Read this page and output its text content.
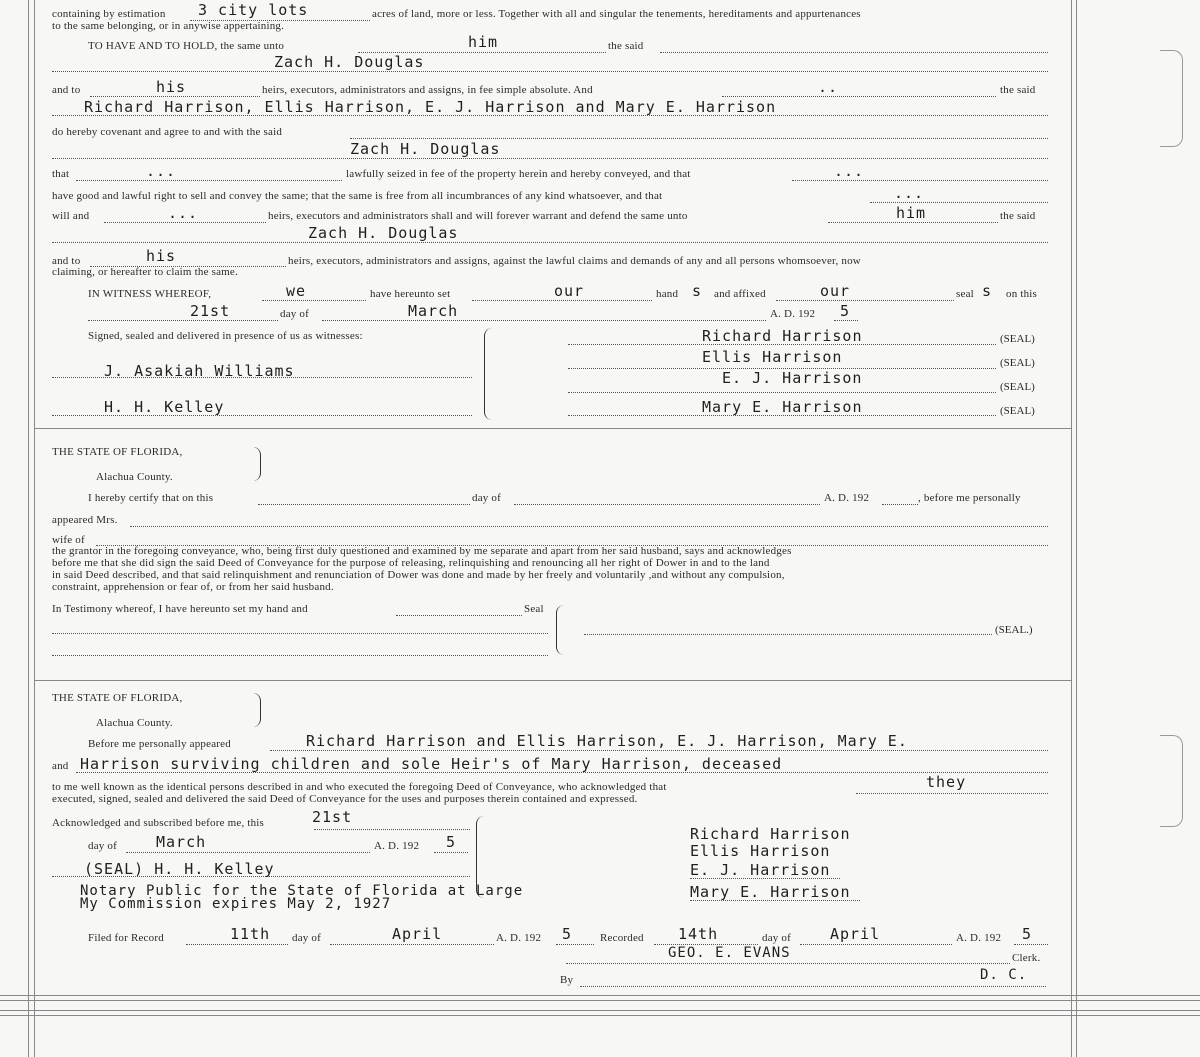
containing by estimation 3 city lots	acres of land, more or less. Together with all and singular the tenements, hereditaments and appurtenances
to the same belonging, or in anywise appertaining.
TO HAVE AND TO HOLD, the same unto	him	the said
Zach H. Douglas
and to	his	heirs, executors, administrators and assigns, in fee simple absolute. And	..	the said
Richard Harrison, Ellis Harrison, E. J. Harrison and Mary E. Harrison
do hereby covenant and agree to and with the said
Zach H. Douglas
that	...	lawfully seized in fee of the property herein and hereby conveyed, and that	...
have good and lawful right to sell and convey the same; that the same is free from all incumbrances of any kind whatsoever, and that	...
will and	...	heirs, executors and administrators shall and will forever warrant and defend the same unto	him	the said
Zach H. Douglas
and to	his	heirs, executors, administrators and assigns, against the lawful claims and demands of any and all persons whomsoever, now
claiming, or hereafter to claim the same.
IN WITNESS WHEREOF,	we	have hereunto set	our	hand s and affixed	our	seal s on this
21st	day of	March	A. D. 192 5
Signed, sealed and delivered in presence of us as witnesses:
J. Asakiah Williams
H. H. Kelley
Richard Harrison	(SEAL)
Ellis Harrison	(SEAL)
E. J. Harrison	(SEAL)
Mary E. Harrison	(SEAL)
THE STATE OF FLORIDA,
Alachua County.
I hereby certify that on this	day of	A. D. 192	, before me personally
appeared Mrs.
wife of
the grantor in the foregoing conveyance, who, being first duly questioned and examined by me separate and apart from her said husband, says and acknowledges
before me that she did sign the said Deed of Conveyance for the purpose of releasing, relinquishing and renouncing all her right of Dower in and to the land
in said Deed described, and that said relinquishment and renunciation of Dower was done and made by her freely and voluntarily ,and without any compulsion,
constraint, apprehension or fear of, or from her said husband.
In Testimony whereof, I have hereunto set my hand and	Seal
(SEAL.)
THE STATE OF FLORIDA,
Alachua County.
Before me personally appeared	Richard Harrison and Ellis Harrison, E. J. Harrison, Mary E.
and Harrison surviving children and sole Heir's of Mary Harrison, deceased
to me well known as the identical persons described in and who executed the foregoing Deed of Conveyance, who acknowledged that	they
executed, signed, sealed and delivered the said Deed of Conveyance for the uses and purposes therein contained and expressed.
Acknowledged and subscribed before me, this	21st
day of	March	A. D. 192 5
(SEAL) H. H. Kelley
Notary Public for the State of Florida at Large
My Commission expires May 2, 1927
Richard Harrison
Ellis Harrison
E. J. Harrison
Mary E. Harrison
Filed for Record	11th day of	April	A. D. 192 5	Recorded 14th	day of	April	A. D. 192 5
GEO. E. EVANS	Clerk.
By	D. C.
